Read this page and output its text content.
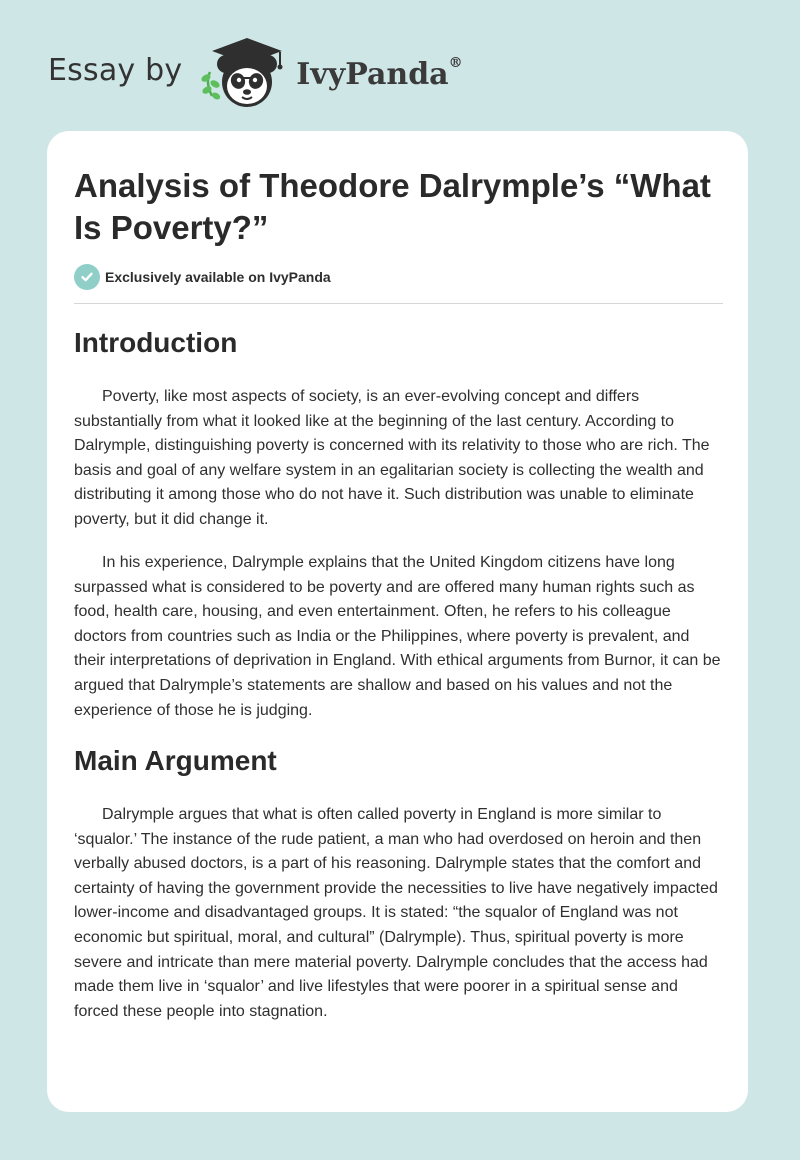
Essay by	IvyPanda®
Analysis of Theodore Dalrymple’s “What Is Poverty?”
Exclusively available on IvyPanda
Introduction

Poverty, like most aspects of society, is an ever-evolving concept and differs substantially from what it looked like at the beginning of the last century. According to Dalrymple, distinguishing poverty is concerned with its relativity to those who are rich. The basis and goal of any welfare system in an egalitarian society is collecting the wealth and distributing it among those who do not have it. Such distribution was unable to eliminate poverty, but it did change it.

In his experience, Dalrymple explains that the United Kingdom citizens have long surpassed what is considered to be poverty and are offered many human rights such as food, health care, housing, and even entertainment. Often, he refers to his colleague doctors from countries such as India or the Philippines, where poverty is prevalent, and their interpretations of deprivation in England. With ethical arguments from Burnor, it can be argued that Dalrymple’s statements are shallow and based on his values and not the experience of those he is judging.

Main Argument

Dalrymple argues that what is often called poverty in England is more similar to ‘squalor.’ The instance of the rude patient, a man who had overdosed on heroin and then verbally abused doctors, is a part of his reasoning. Dalrymple states that the comfort and certainty of having the government provide the necessities to live have negatively impacted lower-income and disadvantaged groups. It is stated: “the squalor of England was not economic but spiritual, moral, and cultural” (Dalrymple). Thus, spiritual poverty is more severe and intricate than mere material poverty. Dalrymple concludes that the access had made them live in ‘squalor’ and live lifestyles that were poorer in a spiritual sense and forced these people into stagnation.
